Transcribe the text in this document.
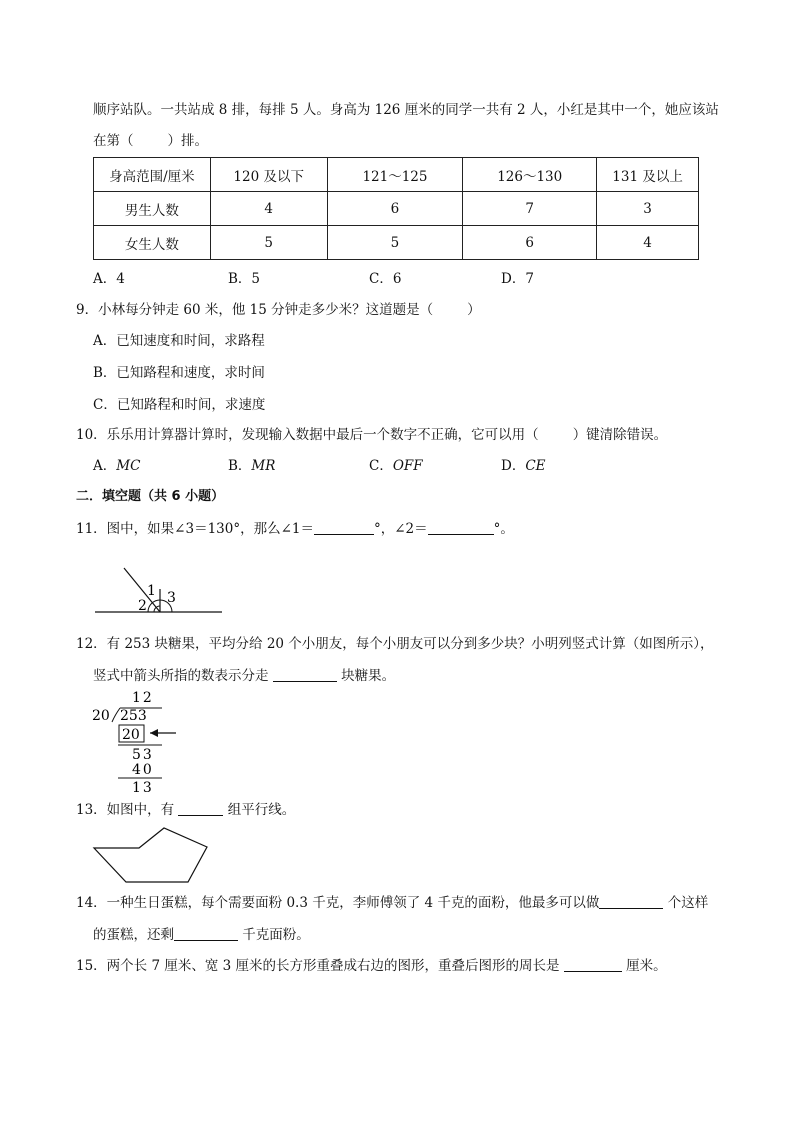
顺序站队。一共站成 8 排，每排 5 人。身高为 126 厘米的同学一共有 2 人，小红是其中一个，她应该站
在第（	）排。
身高范围/厘米	120 及以下	121～125	126～130	131 及以上
男生人数	4	6	7	3
女生人数	5	5	6	4
A．4	B．5	C．6	D．7
9．小林每分钟走 60 米，他 15 分钟走多少米？这道题是（	）
A．已知速度和时间，求路程
B．已知路程和速度，求时间
C．已知路程和时间，求速度
10．乐乐用计算器计算时，发现输入数据中最后一个数字不正确，它可以用（	）键清除错误。
A．MC	B．MR	C．OFF	D．CE
二．填空题（共 6 小题）
11．图中，如果∠3＝130°，那么∠1＝	°，∠2＝	°。
1
2 3
12．有 253 块糖果，平均分给 20 个小朋友，每个小朋友可以分到多少块？小明列竖式计算（如图所示），
竖式中箭头所指的数表示分走	块糖果。
12
20 253
20
53
40
13
13．如图中，有	组平行线。
14．一种生日蛋糕，每个需要面粉 0.3 千克，李师傅领了 4 千克的面粉，他最多可以做	个这样
的蛋糕，还剩	千克面粉。
15．两个长 7 厘米、宽 3 厘米的长方形重叠成右边的图形，重叠后图形的周长是	厘米。
